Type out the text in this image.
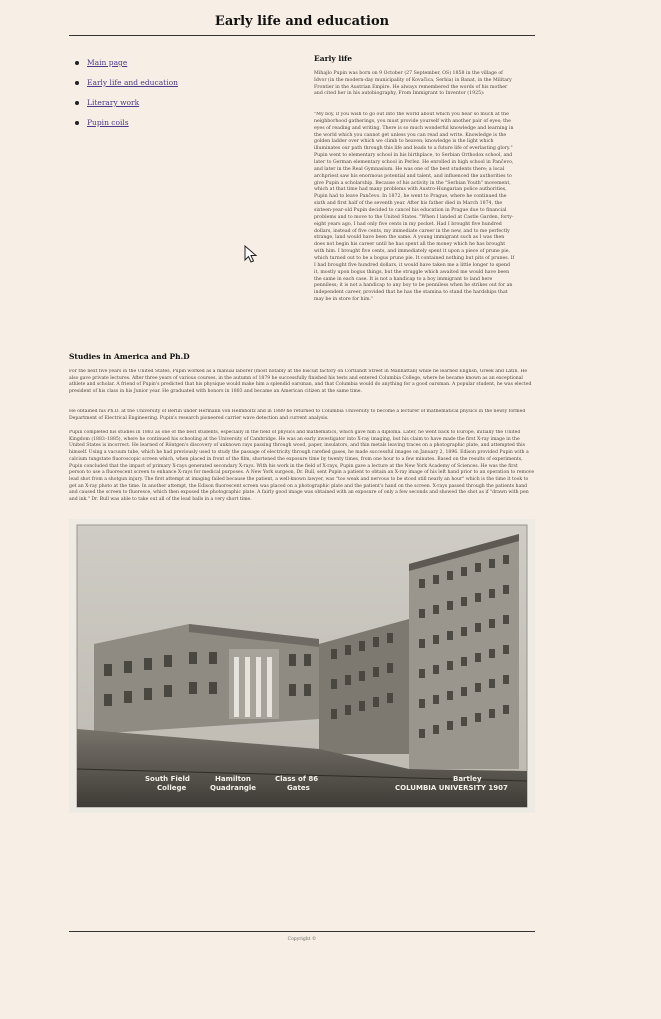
Early life and education
Main page
Early life and education
Literary work
Pupin coils
Early life

Mihajlo Pupin was born on 9 October (27 September, OS) 1858 in the village of Idvor (in the modern-day municipality of Kovačica, Serbia) in Banat, in the Military Frontier in the Austrian Empire. He always remembered the words of his mother and cited her in his autobiography, From Immigrant to Inventor (1925):

"My boy, if you wish to go out into the world about which you hear so much at the neighborhood gatherings, you must provide yourself with another pair of eyes; the eyes of reading and writing. There is so much wonderful knowledge and learning in the world which you cannot get unless you can read and write. Knowledge is the golden ladder over which we climb to heaven; knowledge is the light which illuminates our path through this life and leads to a future life of everlasting glory." Pupin went to elementary school in his birthplace, to Serbian Orthodox school, and later to German elementary school in Perlez. He enrolled in high school in Pančevo, and later in the Real Gymnasium. He was one of the best students there; a local archpriest saw his enormous potential and talent, and influenced the authorities to give Pupin a scholarship. Because of his activity in the "Serbian Youth" movement, which at that time had many problems with Austro-Hungarian police authorities, Pupin had to leave Pančevo. In 1872, he went to Prague, where he continued the sixth and first half of the seventh year. After his father died in March 1874, the sixteen-year-old Pupin decided to cancel his education in Prague due to financial problems and to move to the United States. "When I landed at Castle Garden, forty-eight years ago, I had only five cents in my pocket. Had I brought five hundred dollars, instead of five cents, my immediate career in the new, and to me perfectly strange, land would have been the same. A young immigrant such as I was then does not begin his career until he has spent all the money which he has brought with him. I brought five cents, and immediately spent it upon a piece of prune pie, which turned out to be a bogus prune pie. It contained nothing but pits of prunes. If I had brought five hundred dollars, it would have taken me a little longer to spend it, mostly upon bogus things, but the struggle which awaited me would have been the same in each case. It is not a handicap to a boy immigrant to land here penniless; it is not a handicap to any boy to be penniless when he strikes out for an independent career, provided that he has the stamina to stand the hardships that may be in store for him."

Studies in America and Ph.D

For the next five years in the United States, Pupin worked as a manual laborer (most notably at the biscuit factory on Cortlandt Street in Manhattan) while he learned English, Greek and Latin. He also gave private lectures. After three years of various courses, in the autumn of 1879 he successfully finished his tests and entered Columbia College, where he became known as an exceptional athlete and scholar. A friend of Pupin's predicted that his physique would make him a splendid oarsman, and that Columbia would do anything for a good oarsman. A popular student, he was elected president of his class in his Junior year. He graduated with honors in 1883 and became an American citizen at the same time.

He obtained his Ph.D. at the University of Berlin under Hermann von Helmholtz and in 1889 he returned to Columbia University to become a lecturer of mathematical physics in the newly formed Department of Electrical Engineering. Pupin's research pioneered carrier wave detection and current analysis.

Pupin completed his studies in 1883 as one of the best students, especially in the field of physics and mathematics, which gave him a diploma. Later, he went back to Europe, initially the United Kingdom (1883–1885), where he continued his schooling at the University of Cambridge. He was an early investigator into X-ray imaging, but his claim to have made the first X-ray image in the United States is incorrect. He learned of Röntgen's discovery of unknown rays passing through wood, paper, insulators, and thin metals leaving traces on a photographic plate, and attempted this himself. Using a vacuum tube, which he had previously used to study the passage of electricity through rarefied gases, he made successful images on January 2, 1896. Edison provided Pupin with a calcium tungstate fluoroscopic screen which, when placed in front of the film, shortened the exposure time by twenty times, from one hour to a few minutes. Based on the results of experiments, Pupin concluded that the impact of primary X-rays generated secondary X-rays. With his work in the field of X-rays, Pupin gave a lecture at the New York Academy of Sciences. He was the first person to use a fluorescent screen to enhance X-rays for medical purposes. A New York surgeon, Dr. Bull, sent Pupin a patient to obtain an X-ray image of his left hand prior to an operation to remove lead shot from a shotgun injury. The first attempt at imaging failed because the patient, a well-known lawyer, was "too weak and nervous to be stood still nearly an hour" which is the time it took to get an X-ray photo at the time. In another attempt, the Edison fluorescent screen was placed on a photographic plate and the patient's hand on the screen. X-rays passed through the patients hand and caused the screen to fluoresce, which then exposed the photographic plate. A fairly good image was obtained with an exposure of only a few seconds and showed the shot as if "drawn with pen and ink." Dr. Bull was able to take out all of the lead balls in a very short time.

South Field
College
Hamilton
Quadrangle
Class of 86
Gates
Bartley
COLUMBIA UNIVERSITY 1907

Copyright ©
